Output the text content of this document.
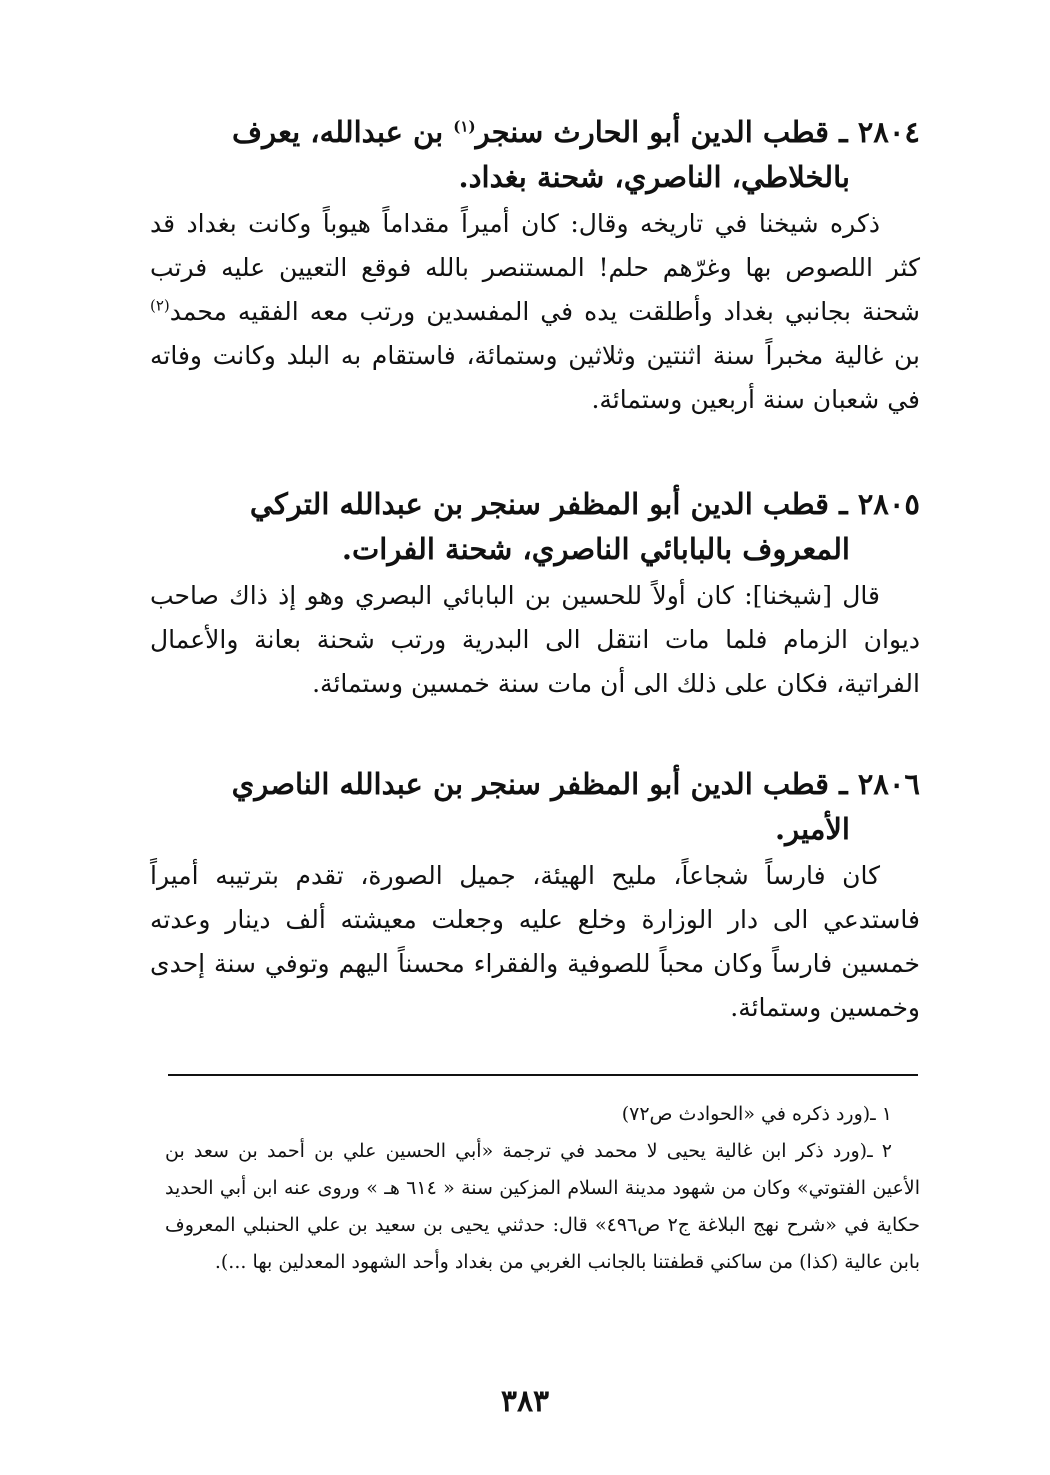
٢٨٠٤ ـ قطب الدين أبو الحارث سنجر$^{(١)}$ بن عبدالله، يعرف بالخلاطي، الناصري، شحنة بغداد.

ذكره شيخنا في تاريخه وقال: كان أميراً مقداماً هيوباً وكانت بغداد قد كثر اللصوص بها وغرّهم حلم! المستنصر بالله فوقع التعيين عليه فرتب شحنة بجانبي بغداد وأطلقت يده في المفسدين ورتب معه الفقيه محمد$^{(٢)}$ بن غالية مخبراً سنة اثنتين وثلاثين وستمائة، فاستقام به البلد وكانت وفاته في شعبان سنة أربعين وستمائة.

٢٨٠٥ ـ قطب الدين أبو المظفر سنجر بن عبدالله التركي المعروف بالبابائي الناصري، شحنة الفرات.

قال [شيخنا]: كان أولاً للحسين بن البابائي البصري وهو إذ ذاك صاحب ديوان الزمام فلما مات انتقل الى البدرية ورتب شحنة بعانة والأعمال الفراتية، فكان على ذلك الى أن مات سنة خمسين وستمائة.

٢٨٠٦ ـ قطب الدين أبو المظفر سنجر بن عبدالله الناصري الأمير.

كان فارساً شجاعاً، مليح الهيئة، جميل الصورة، تقدم بترتيبه أميراً فاستدعي الى دار الوزارة وخلع عليه وجعلت معيشته ألف دينار وعدته خمسين فارساً وكان محباً للصوفية والفقراء محسناً اليهم وتوفي سنة إحدى وخمسين وستمائة.

١ ـ(ورد ذكره في «الحوادث ص٧٢)

٢ ـ(ورد ذكر ابن غالية يحيى لا محمد في ترجمة «أبي الحسين علي بن أحمد بن سعد بن الأعين الفتوتي» وكان من شهود مدينة السلام المزكين سنة « ٦١٤ هـ » وروى عنه ابن أبي الحديد حكاية في «شرح نهج البلاغة ج٢ ص٤٩٦» قال: حدثني يحيى بن سعيد بن علي الحنبلي المعروف بابن عالية (كذا) من ساكني قطفتنا بالجانب الغربي من بغداد وأحد الشهود المعدلين بها ...).

٣٨٣
